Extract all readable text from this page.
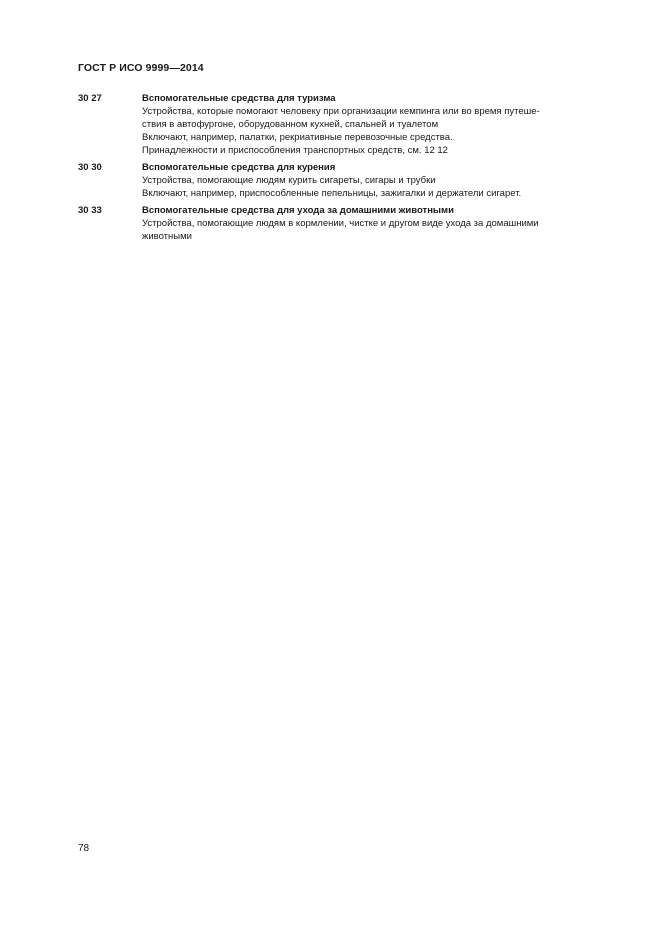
ГОСТ Р ИСО 9999—2014
30 27	Вспомогательные средства для туризма
Устройства, которые помогают человеку при организации кемпинга или во время путеше-
ствия в автофургоне, оборудованном кухней, спальней и туалетом
Включают, например, палатки, рекриативные перевозочные средства.
Принадлежности и приспособления транспортных средств, см. 12 12
30 30	Вспомогательные средства для курения
Устройства, помогающие людям курить сигареты, сигары и трубки
Включают, например, приспособленные пепельницы, зажигалки и держатели сигарет.
30 33	Вспомогательные средства для ухода за домашними животными
Устройства, помогающие людям в кормлении, чистке и другом виде ухода за домашними
животными
78
